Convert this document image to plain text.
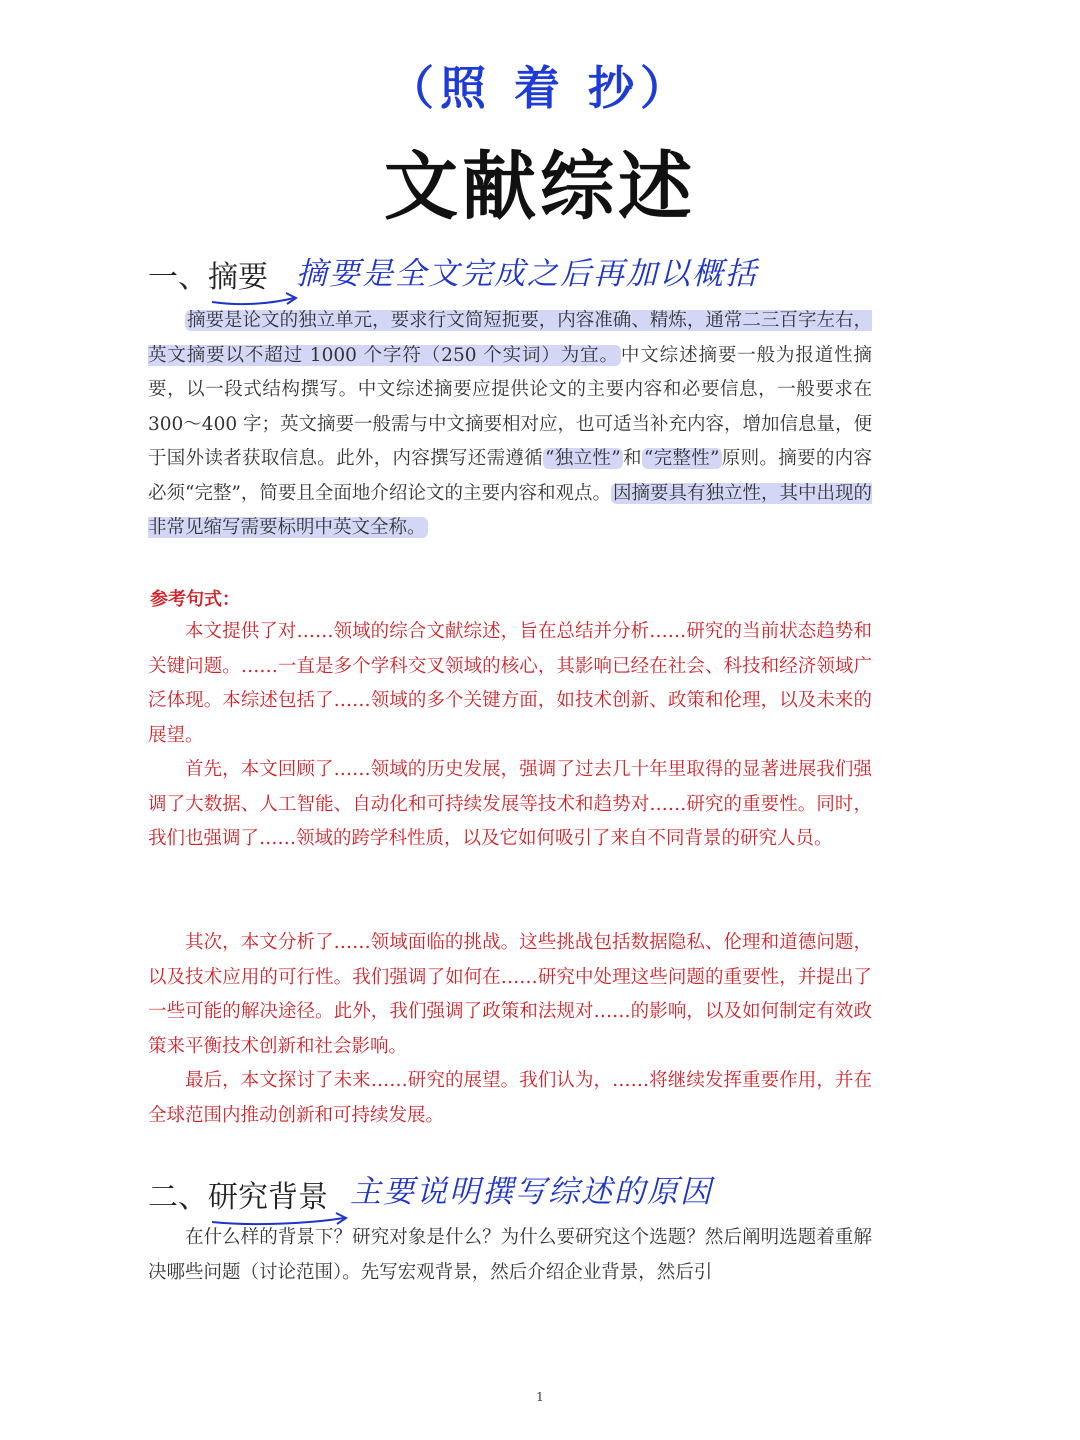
（照 着 抄）
文献综述
一、摘要 摘要是全文完成之后再加以概括

摘要是论文的独立单元，要求行文简短扼要，内容准确、精炼，通常二三百字左右，英文摘要以不超过 1000 个字符（250 个实词）为宜。 中文综述摘要一般为报道性摘要，以一段式结构撰写。中文综述摘要应提供论文的主要内容和必要信息，一般要求在 300～400 字；英文摘要一般需与中文摘要相对应，也可适当补充内容，增加信息量，便于国外读者获取信息。此外，内容撰写还需遵循 “独立性” 和 “完整性” 原则。摘要的内容必须“完整”，简要且全面地介绍论文的主要内容和观点。 因摘要具有独立性，其中出现的非常见缩写需要标明中英文全称。

参考句式：

本文提供了对……领域的综合文献综述，旨在总结并分析……研究的当前状态趋势和关键问题。……一直是多个学科交叉领域的核心，其影响已经在社会、科技和经济领域广泛体现。本综述包括了……领域的多个关键方面，如技术创新、政策和伦理，以及未来的展望。

首先，本文回顾了……领域的历史发展，强调了过去几十年里取得的显著进展我们强调了大数据、人工智能、自动化和可持续发展等技术和趋势对……研究的重要性。同时，我们也强调了……领域的跨学科性质，以及它如何吸引了来自不同背景的研究人员。

其次，本文分析了……领域面临的挑战。这些挑战包括数据隐私、伦理和道德问题，以及技术应用的可行性。我们强调了如何在……研究中处理这些问题的重要性，并提出了一些可能的解决途径。此外，我们强调了政策和法规对……的影响，以及如何制定有效政策来平衡技术创新和社会影响。

最后，本文探讨了未来……研究的展望。我们认为，……将继续发挥重要作用，并在全球范围内推动创新和可持续发展。

二、研究背景 主要说明撰写综述的原因

在什么样的背景下？研究对象是什么？为什么要研究这个选题？然后阐明选题着重解决哪些问题（讨论范围）。先写宏观背景，然后介绍企业背景，然后引

1
